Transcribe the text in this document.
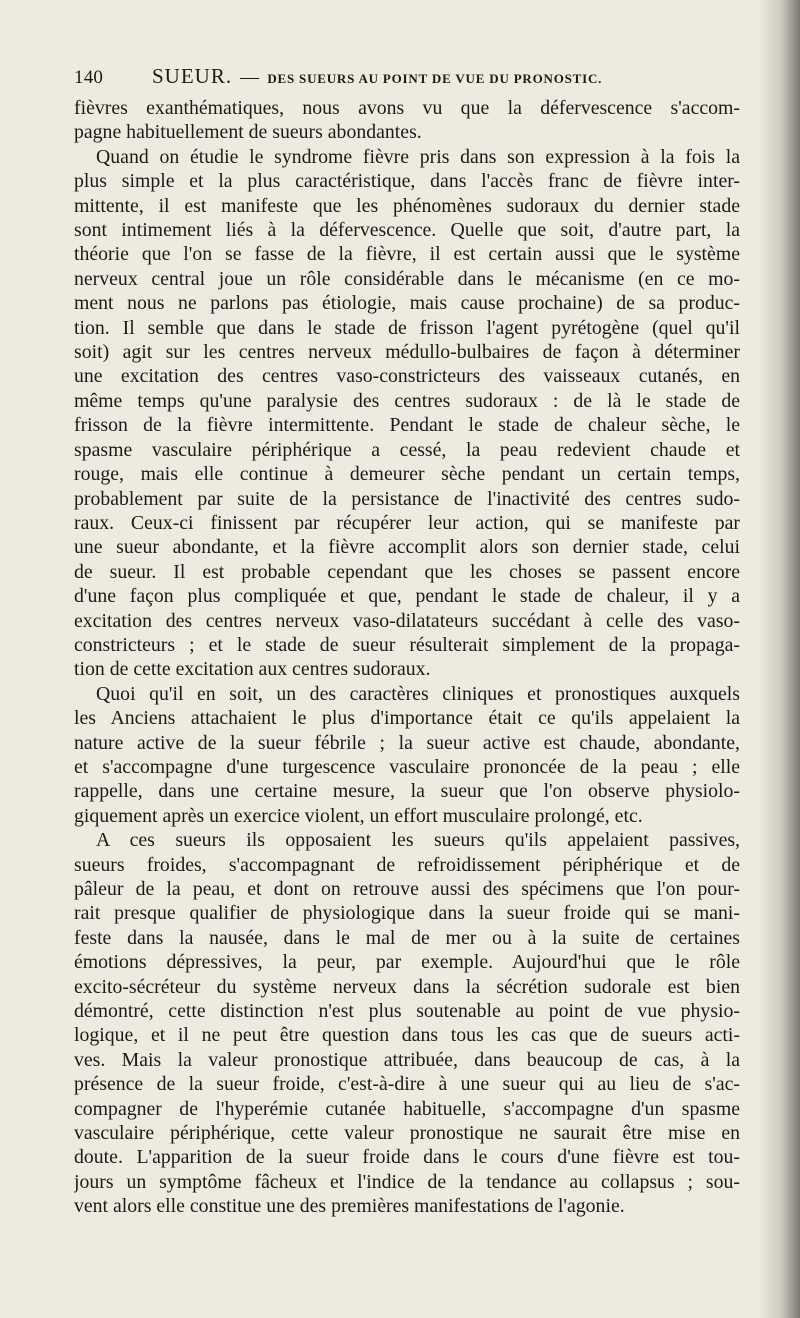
140 SUEUR. — DES SUEURS AU POINT DE VUE DU PRONOSTIC.
fièvres exanthématiques, nous avons vu que la défervescence s'accom-
pagne habituellement de sueurs abondantes.
Quand on étudie le syndrome fièvre pris dans son expression à la fois la
plus simple et la plus caractéristique, dans l'accès franc de fièvre inter-
mittente, il est manifeste que les phénomènes sudoraux du dernier stade
sont intimement liés à la défervescence. Quelle que soit, d'autre part, la
théorie que l'on se fasse de la fièvre, il est certain aussi que le système
nerveux central joue un rôle considérable dans le mécanisme (en ce mo-
ment nous ne parlons pas étiologie, mais cause prochaine) de sa produc-
tion. Il semble que dans le stade de frisson l'agent pyrétogène (quel qu'il
soit) agit sur les centres nerveux médullo-bulbaires de façon à déterminer
une excitation des centres vaso-constricteurs des vaisseaux cutanés, en
même temps qu'une paralysie des centres sudoraux : de là le stade de
frisson de la fièvre intermittente. Pendant le stade de chaleur sèche, le
spasme vasculaire périphérique a cessé, la peau redevient chaude et
rouge, mais elle continue à demeurer sèche pendant un certain temps,
probablement par suite de la persistance de l'inactivité des centres sudo-
raux. Ceux-ci finissent par récupérer leur action, qui se manifeste par
une sueur abondante, et la fièvre accomplit alors son dernier stade, celui
de sueur. Il est probable cependant que les choses se passent encore
d'une façon plus compliquée et que, pendant le stade de chaleur, il y a
excitation des centres nerveux vaso-dilatateurs succédant à celle des vaso-
constricteurs ; et le stade de sueur résulterait simplement de la propaga-
tion de cette excitation aux centres sudoraux.
Quoi qu'il en soit, un des caractères cliniques et pronostiques auxquels
les Anciens attachaient le plus d'importance était ce qu'ils appelaient la
nature active de la sueur fébrile ; la sueur active est chaude, abondante,
et s'accompagne d'une turgescence vasculaire prononcée de la peau ; elle
rappelle, dans une certaine mesure, la sueur que l'on observe physiolo-
giquement après un exercice violent, un effort musculaire prolongé, etc.
A ces sueurs ils opposaient les sueurs qu'ils appelaient passives,
sueurs froides, s'accompagnant de refroidissement périphérique et de
pâleur de la peau, et dont on retrouve aussi des spécimens que l'on pour-
rait presque qualifier de physiologique dans la sueur froide qui se mani-
feste dans la nausée, dans le mal de mer ou à la suite de certaines
émotions dépressives, la peur, par exemple. Aujourd'hui que le rôle
excito-sécréteur du système nerveux dans la sécrétion sudorale est bien
démontré, cette distinction n'est plus soutenable au point de vue physio-
logique, et il ne peut être question dans tous les cas que de sueurs acti-
ves. Mais la valeur pronostique attribuée, dans beaucoup de cas, à la
présence de la sueur froide, c'est-à-dire à une sueur qui au lieu de s'ac-
compagner de l'hyperémie cutanée habituelle, s'accompagne d'un spasme
vasculaire périphérique, cette valeur pronostique ne saurait être mise en
doute. L'apparition de la sueur froide dans le cours d'une fièvre est tou-
jours un symptôme fâcheux et l'indice de la tendance au collapsus ; sou-
vent alors elle constitue une des premières manifestations de l'agonie.
